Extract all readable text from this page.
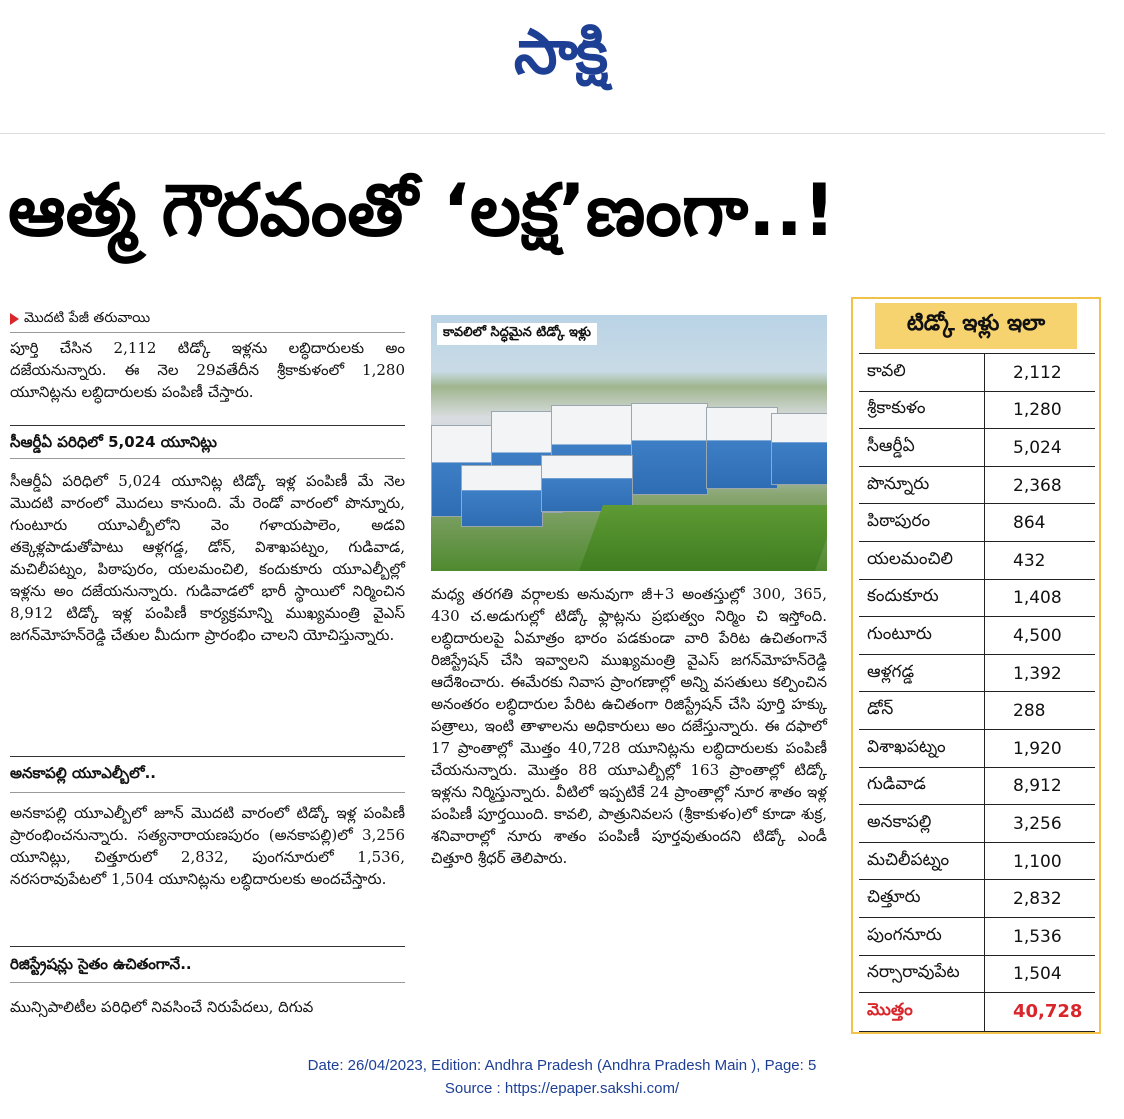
సాక్షి
ఆత్మ గౌరవంతో ‘లక్ష’ణంగా..!
మొదటి పేజీ తరువాయి

పూర్తి చేసిన 2,112 టిడ్కో ఇళ్లను లబ్ధిదారులకు అం దజేయనున్నారు. ఈ నెల 29వతేదీన శ్రీకాకుళంలో 1,280 యూనిట్లను లబ్ధిదారులకు పంపిణీ చేస్తారు.

సీఆర్డీఏ పరిధిలో 5,024 యూనిట్లు

సీఆర్డీఏ పరిధిలో 5,024 యూనిట్ల టిడ్కో ఇళ్ల పంపిణీ మే నెల మొదటి వారంలో మొదలు కానుంది. మే రెండో వారంలో పొన్నూరు, గుంటూరు యూఎల్బీలోని వెం గళాయపాలెం, అడవి తక్కెళ్లపాడుతోపాటు ఆళ్లగడ్డ, డోన్, విశాఖపట్నం, గుడివాడ, మచిలీపట్నం, పిఠాపురం, యలమంచిలి, కందుకూరు యూఎల్బీల్లో ఇళ్లను అం దజేయనున్నారు. గుడివాడలో భారీ స్థాయిలో నిర్మించిన 8,912 టిడ్కో ఇళ్ల పంపిణీ కార్యక్రమాన్ని ముఖ్యమంత్రి వైఎస్ జగన్‌మోహన్‌రెడ్డి చేతుల మీదుగా ప్రారంభిం చాలని యోచిస్తున్నారు.

అనకాపల్లి యూఎల్బీలో..

అనకాపల్లి యూఎల్బీలో జూన్ మొదటి వారంలో టిడ్కో ఇళ్ల పంపిణీ ప్రారంభించనున్నారు. సత్యనారాయణపురం (అనకాపల్లి)లో 3,256 యూనిట్లు, చిత్తూరులో 2,832, పుంగనూరులో 1,536, నరసరావుపేటలో 1,504 యూనిట్లను లబ్ధిదారులకు అందచేస్తారు.

రిజిస్ట్రేషన్లు సైతం ఉచితంగానే..

మున్సిపాలిటీల పరిధిలో నివసించే నిరుపేదలు, దిగువ

కావలిలో సిద్ధమైన టిడ్కో ఇళ్లు

మధ్య తరగతి వర్గాలకు అనువుగా జీ+3 అంతస్తుల్లో 300, 365, 430 చ.అడుగుల్లో టిడ్కో ఫ్లాట్లను ప్రభుత్వం నిర్మిం చి ఇస్తోంది. లబ్ధిదారులపై ఏమాత్రం భారం పడకుండా వారి పేరిట ఉచితంగానే రిజిస్ట్రేషన్ చేసి ఇవ్వాలని ముఖ్యమంత్రి వైఎస్ జగన్‌మోహన్‌రెడ్డి ఆదేశించారు. ఈమేరకు నివాస ప్రాంగణాల్లో అన్ని వసతులు కల్పించిన అనంతరం లబ్ధిదారుల పేరిట ఉచితంగా రిజిస్ట్రేషన్ చేసి పూర్తి హక్కు పత్రాలు, ఇంటి తాళాలను అధికారులు అం దజేస్తున్నారు. ఈ దఫాలో 17 ప్రాంతాల్లో మొత్తం 40,728 యూనిట్లను లబ్ధిదారులకు పంపిణీ చేయనున్నారు. మొత్తం 88 యూఎల్బీల్లో 163 ప్రాంతాల్లో టిడ్కో ఇళ్లను నిర్మిస్తున్నారు. వీటిలో ఇప్పటికే 24 ప్రాంతాల్లో నూర శాతం ఇళ్ల పంపిణీ పూర్తయింది. కావలి, పాత్రునివలస (శ్రీకాకుళం)లో కూడా శుక్ర, శనివారాల్లో నూరు శాతం పంపిణీ పూర్తవుతుందని టిడ్కో ఎండీ చిత్తూరి శ్రీధర్ తెలిపారు.

టిడ్కో ఇళ్లు ఇలా
కావలి	2,112
శ్రీకాకుళం	1,280
సీఆర్డీఏ	5,024
పొన్నూరు	2,368
పిఠాపురం	864
యలమంచిలి	432
కందుకూరు	1,408
గుంటూరు	4,500
ఆళ్లగడ్డ	1,392
డోన్	288
విశాఖపట్నం	1,920
గుడివాడ	8,912
అనకాపల్లి	3,256
మచిలీపట్నం	1,100
చిత్తూరు	2,832
పుంగనూరు	1,536
నర్సారావుపేట	1,504
మొత్తం	40,728
Date: 26/04/2023, Edition: Andhra Pradesh (Andhra Pradesh Main ), Page: 5
Source : https://epaper.sakshi.com/
